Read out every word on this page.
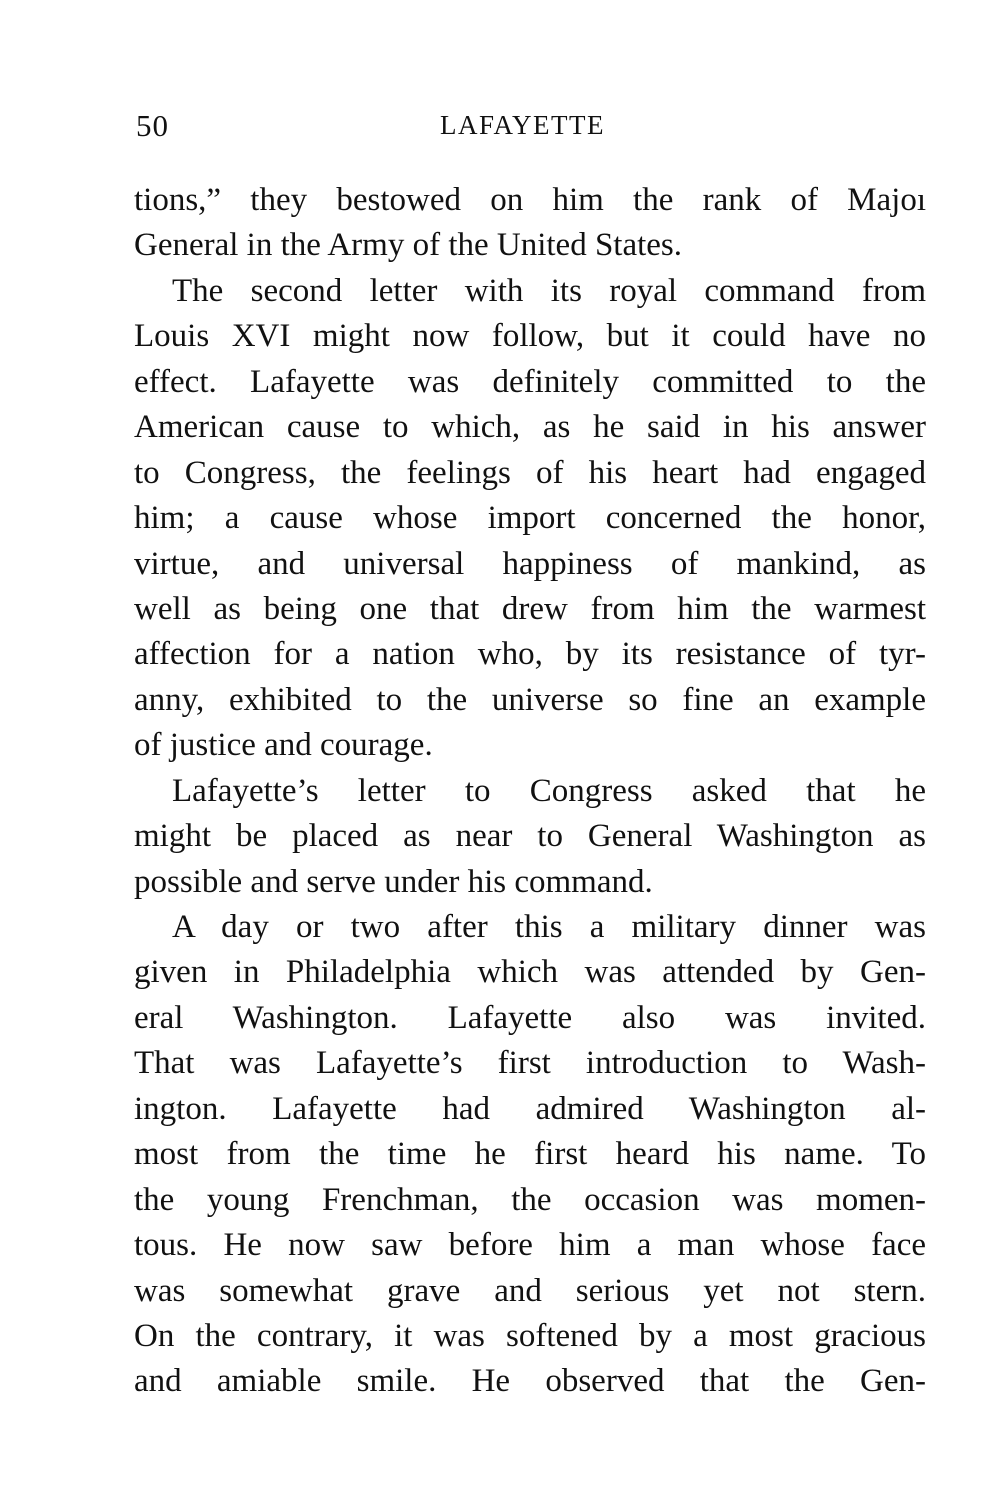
50	LAFAYETTE
tions,” they bestowed on him the rank of Majoı
General in the Army of the United States.
The second letter with its royal command from
Louis XVI might now follow, but it could have no
effect. Lafayette was definitely committed to the
American cause to which, as he said in his answer
to Congress, the feelings of his heart had engaged
him; a cause whose import concerned the honor,
virtue, and universal happiness of mankind, as
well as being one that drew from him the warmest
affection for a nation who, by its resistance of tyr-
anny, exhibited to the universe so fine an example
of justice and courage.
Lafayette’s letter to Congress asked that he
might be placed as near to General Washington as
possible and serve under his command.
A day or two after this a military dinner was
given in Philadelphia which was attended by Gen-
eral Washington. Lafayette also was invited.
That was Lafayette’s first introduction to Wash-
ington. Lafayette had admired Washington al-
most from the time he first heard his name. To
the young Frenchman, the occasion was momen-
tous. He now saw before him a man whose face
was somewhat grave and serious yet not stern.
On the contrary, it was softened by a most gracious
and amiable smile. He observed that the Gen-
